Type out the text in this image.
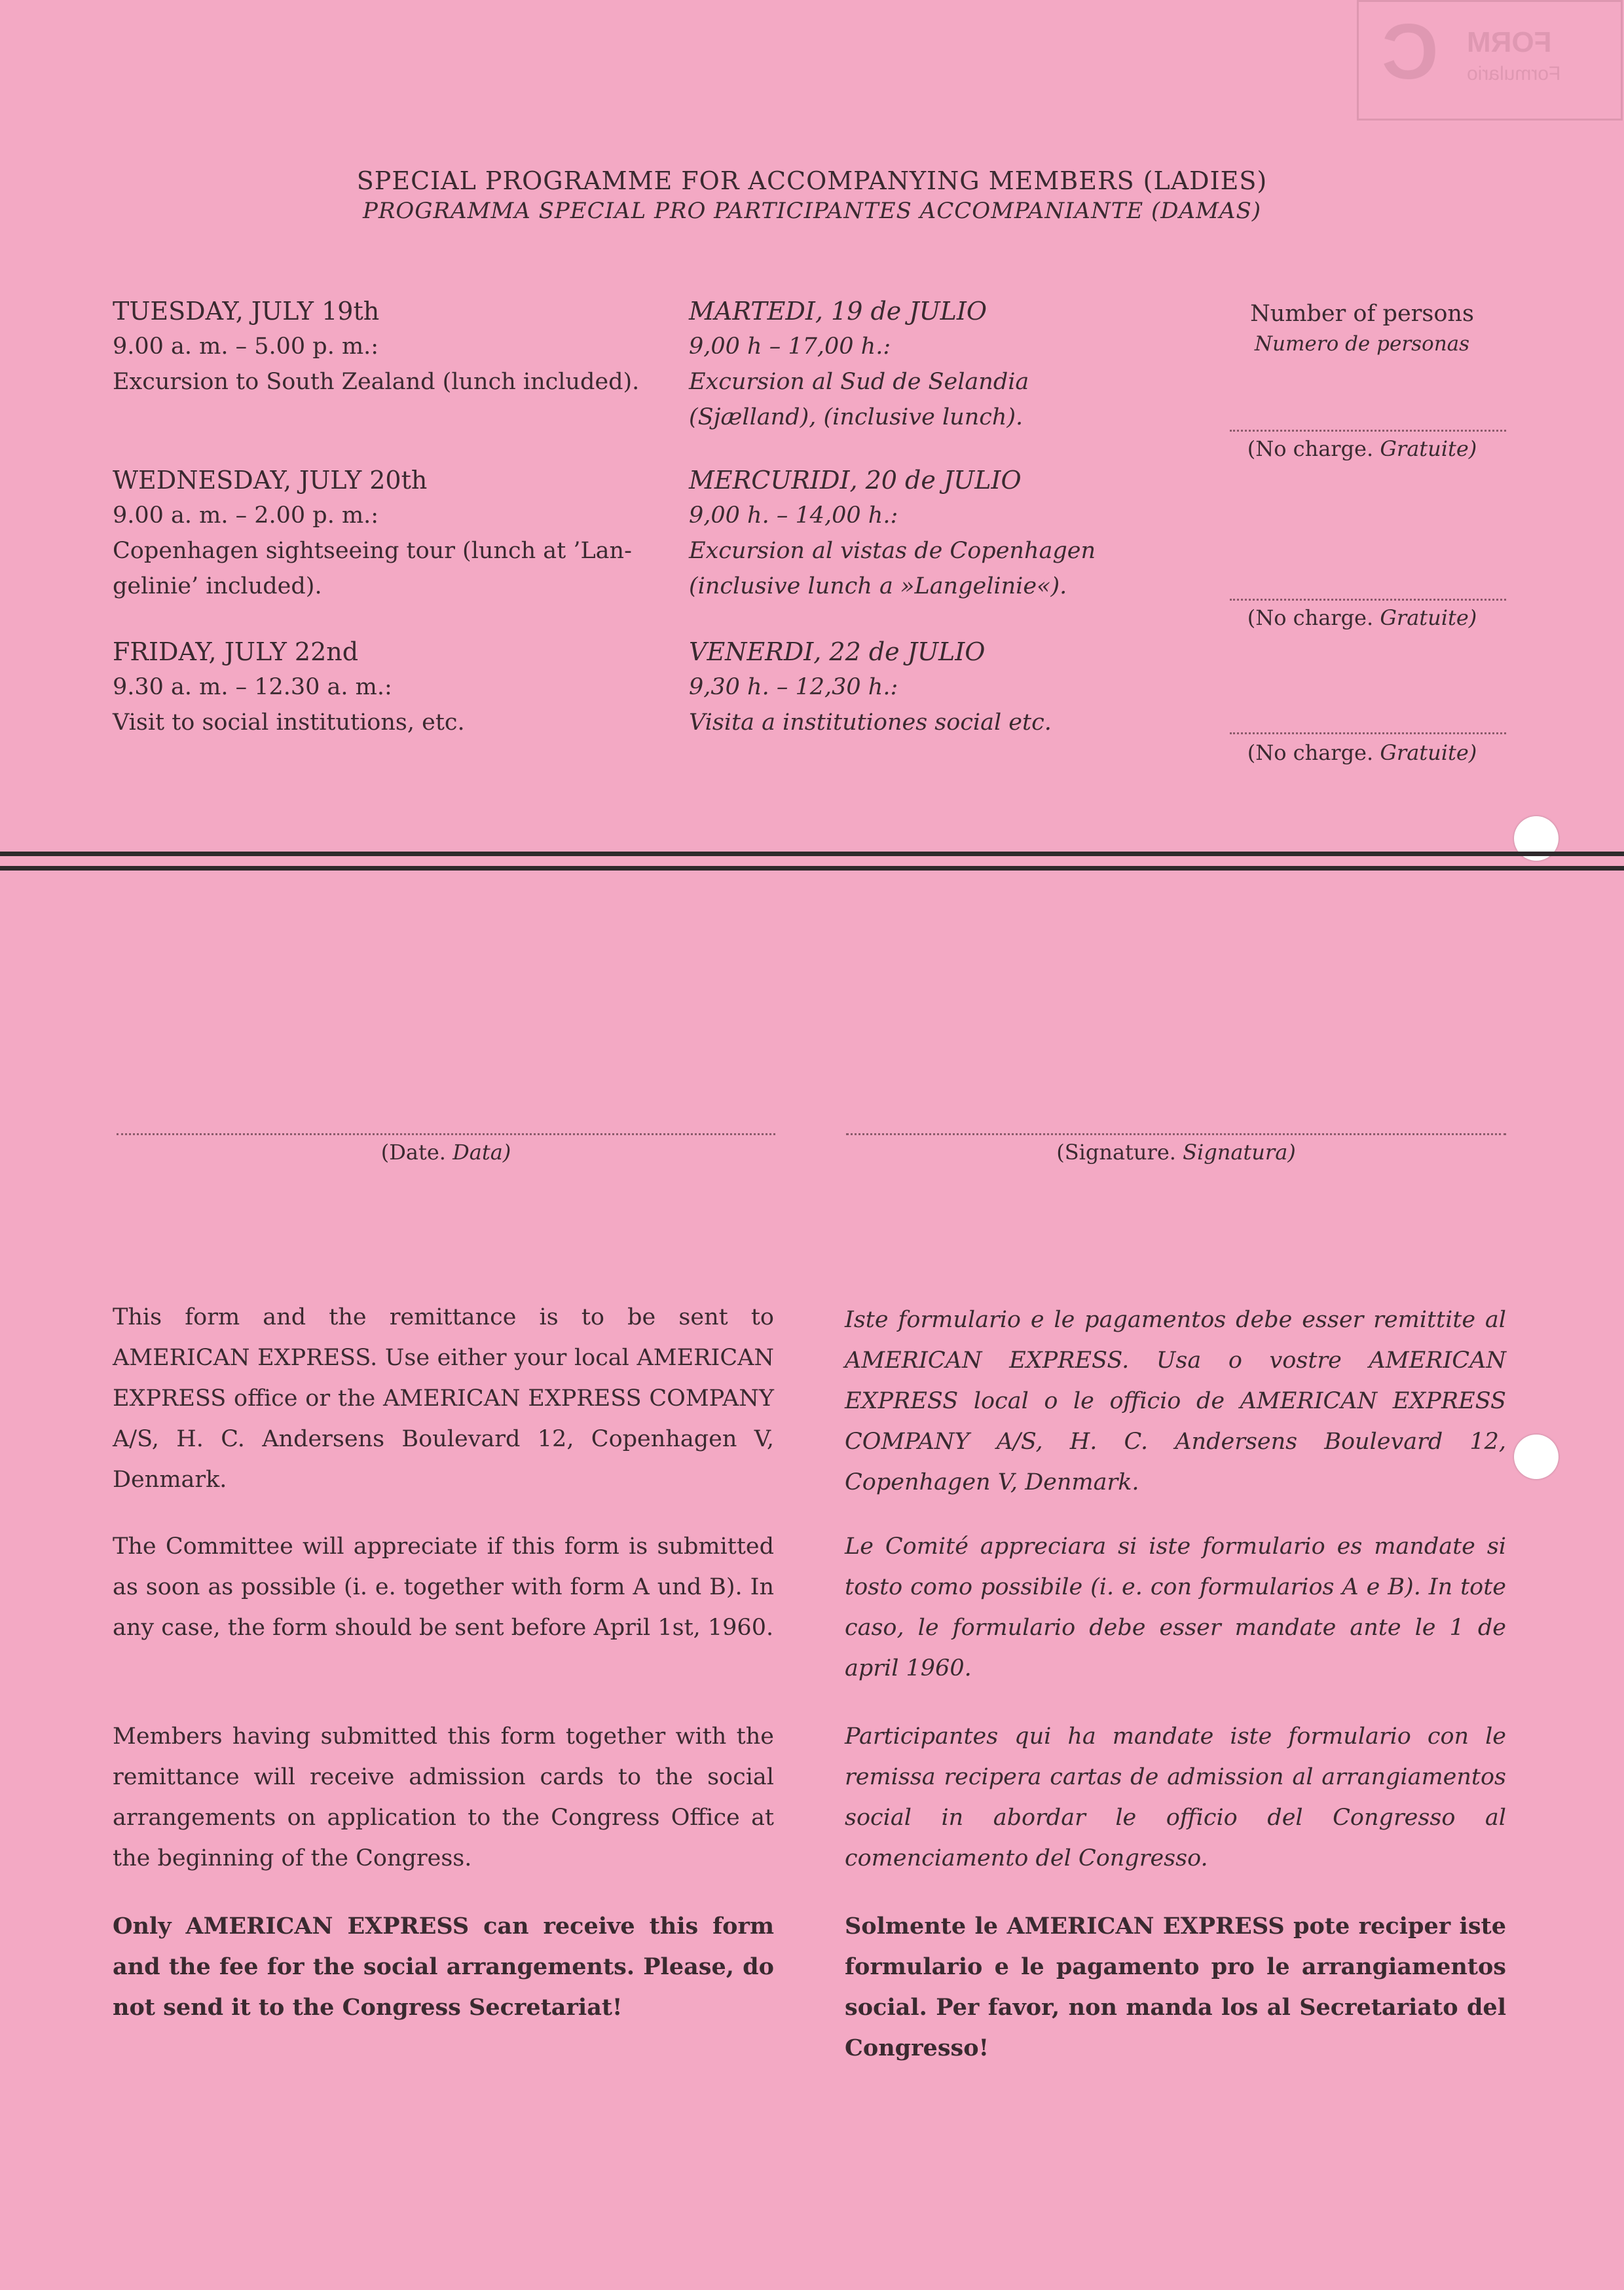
FORM
C Formulario
SPECIAL PROGRAMME FOR ACCOMPANYING MEMBERS (LADIES)
PROGRAMMA SPECIAL PRO PARTICIPANTES ACCOMPANIANTE (DAMAS)
Number of persons
Numero de personas
TUESDAY, JULY 19th
9.00 a. m. – 5.00 p. m.:
Excursion to South Zealand (lunch included).
MARTEDI, 19 de JULIO
9,00 h – 17,00 h.:
Excursion al Sud de Selandia
(Sjælland), (inclusive lunch).
(No charge. Gratuite)
WEDNESDAY, JULY 20th
9.00 a. m. – 2.00 p. m.:
Copenhagen sightseeing tour (lunch at ’Lan-
gelinie’ included).
MERCURIDI, 20 de JULIO
9,00 h. – 14,00 h.:
Excursion al vistas de Copenhagen
(inclusive lunch a »Langelinie«).
(No charge. Gratuite)
FRIDAY, JULY 22nd
9.30 a. m. – 12.30 a. m.:
Visit to social institutions, etc.
VENERDI, 22 de JULIO
9,30 h. – 12,30 h.:
Visita a institutiones social etc.
(No charge. Gratuite)
(Date. Data)	(Signature. Signatura)
This form and the remittance is to be sent to AMERICAN EXPRESS. Use either your local AMERICAN EXPRESS office or the AMERICAN EXPRESS COMPANY A/S, H. C. Andersens Boulevard 12, Copenhagen V, Denmark.
The Committee will appreciate if this form is submitted as soon as possible (i. e. together with form A und B). In any case, the form should be sent before April 1st, 1960.
Members having submitted this form together with the remittance will receive admission cards to the social arrangements on application to the Congress Office at the beginning of the Congress.
Only AMERICAN EXPRESS can receive this form and the fee for the social arrangements. Please, do not send it to the Congress Secretariat!
Iste formulario e le pagamentos debe esser remittite al AMERICAN EXPRESS. Usa o vostre AMERICAN EXPRESS local o le officio de AMERICAN EXPRESS COMPANY A/S, H. C. Andersens Boulevard 12, Copenhagen V, Denmark.
Le Comité appreciara si iste formulario es mandate si tosto como possibile (i. e. con formularios A e B). In tote caso, le formulario debe esser mandate ante le 1 de april 1960.
Participantes qui ha mandate iste formulario con le remissa recipera cartas de admission al arrangiamentos social in abordar le officio del Congresso al comenciamento del Congresso.
Solmente le AMERICAN EXPRESS pote reciper iste formulario e le pagamento pro le arrangiamentos social. Per favor, non manda los al Secretariato del Congresso!
